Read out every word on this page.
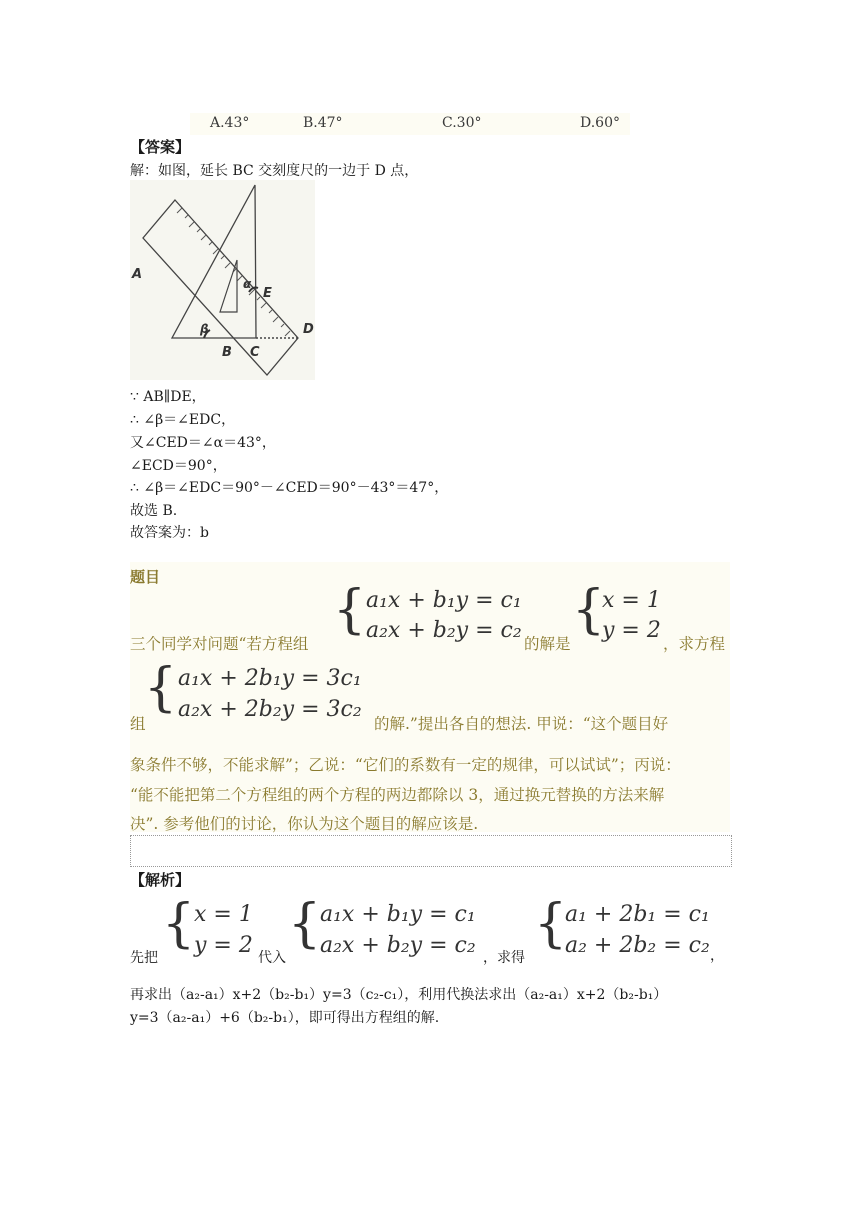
A.43°	B.47°	C.30°	D.60°
【答案】
解：如图，延长 BC 交刻度尺的一边于 D 点，
A
α
E
β
B C
D
∵ AB∥DE，
∴ ∠β＝∠EDC，
又∠CED＝∠α＝43°，
∠ECD＝90°，
∴ ∠β＝∠EDC＝90°－∠CED＝90°－43°＝47°，
故选 B.
故答案为：b
题目
三个同学对问题“若方程组
{ a₁x + b₁y = c₁
a₂x + b₂y = c₂
的解是
{
x = 1
y = 2
，求方程
组
{ a₁x + 2b₁y = 3c₁
a₂x + 2b₂y = 3c₂
的解.”提出各自的想法. 甲说：“这个题目好
象条件不够，不能求解”；乙说：“它们的系数有一定的规律，可以试试”；丙说：
“能不能把第二个方程组的两个方程的两边都除以 3，通过换元替换的方法来解
决”. 参考他们的讨论，你认为这个题目的解应该是.
【解析】
先把
{
x = 1
y = 2 代入
{
a₁x + b₁y = c₁
a₂x + b₂y = c₂ ，求得
{
a₁ + 2b₁ = c₁
a₂ + 2b₂ = c₂ ，
再求出（a₂-a₁）x+2（b₂-b₁）y=3（c₂-c₁），利用代换法求出（a₂-a₁）x+2（b₂-b₁）
y=3（a₂-a₁）+6（b₂-b₁），即可得出方程组的解.
